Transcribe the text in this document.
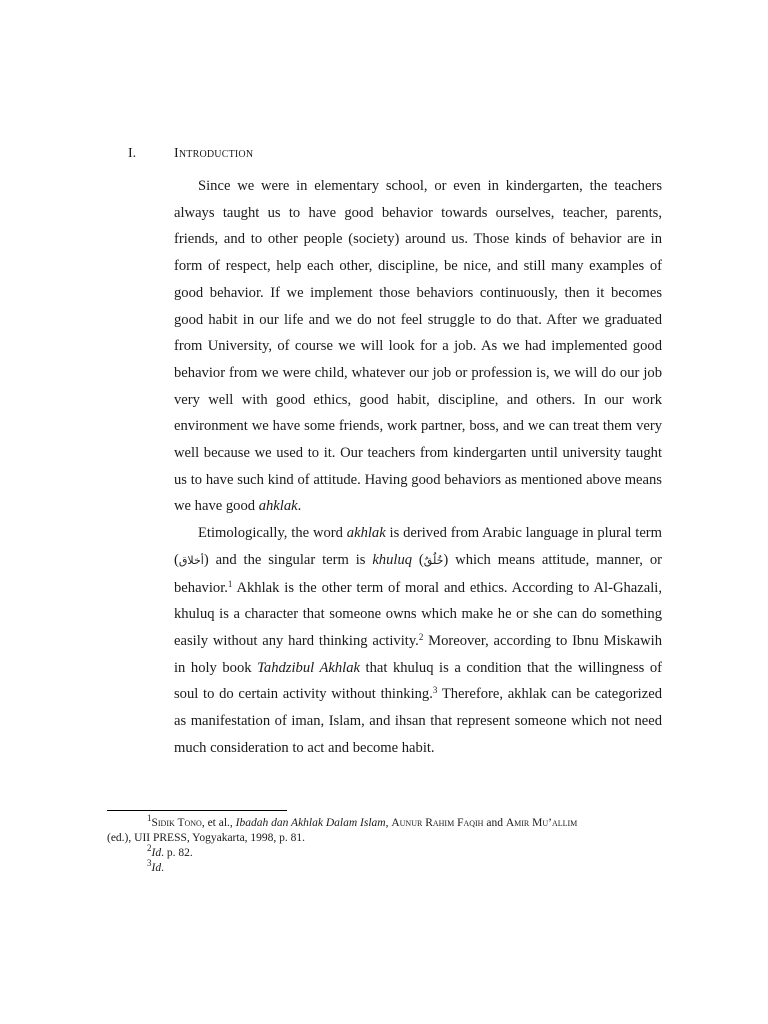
I.	Introduction

Since we were in elementary school, or even in kindergarten, the teachers always taught us to have good behavior towards ourselves, teacher, parents, friends, and to other people (society) around us. Those kinds of behavior are in form of respect, help each other, discipline, be nice, and still many examples of good behavior. If we implement those behaviors continuously, then it becomes good habit in our life and we do not feel struggle to do that. After we graduated from University, of course we will look for a job. As we had implemented good behavior from we were child, whatever our job or profession is, we will do our job very well with good ethics, good habit, discipline, and others. In our work environment we have some friends, work partner, boss, and we can treat them very well because we used to it. Our teachers from kindergarten until university taught us to have such kind of attitude. Having good behaviors as mentioned above means we have good ahklak.

Etimologically, the word akhlak is derived from Arabic language in plural term (أخلاق) and the singular term is khuluq (خُلُقٌ) which means attitude, manner, or behavior.$^1$ Akhlak is the other term of moral and ethics. According to Al-Ghazali, khuluq is a character that someone owns which make he or she can do something easily without any hard thinking activity.$^2$ Moreover, according to Ibnu Miskawih in holy book Tahdzibul Akhlak that khuluq is a condition that the willingness of soul to do certain activity without thinking.$^3$ Therefore, akhlak can be categorized as manifestation of iman, Islam, and ihsan that represent someone which not need much consideration to act and become habit.

$^1$Sidik Tono, et al., Ibadah dan Akhlak Dalam Islam, Aunur Rahim Faqih and Amir Mu’allim

(ed.), UII PRESS, Yogyakarta, 1998, p. 81.

$^2$Id. p. 82.

$^3$Id.
